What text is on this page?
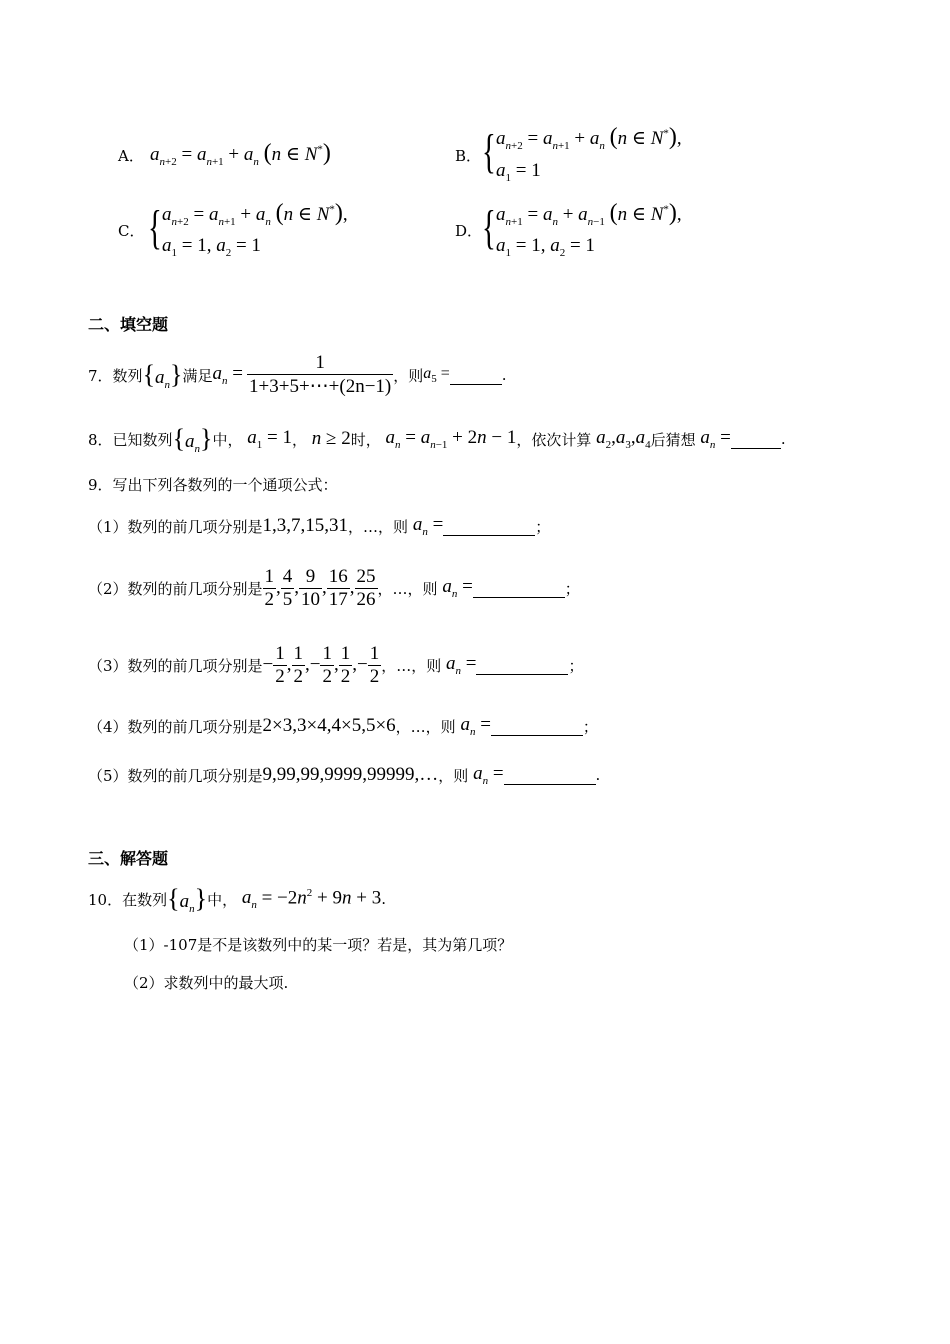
A． $a_{n+2} = a_{n+1} + a_n$ (n ∈ N*)	B． { $a_{n+2} = a_{n+1} + a_n$ (n ∈ N*),
$a_1 = 1$
C． { $a_{n+2} = a_{n+1} + a_n$ (n ∈ N*),
$a_1 = 1$, $a_2 = 1$
D． { $a_{n+1} = a_n + a_{n-1}$ (n ∈ N*),
$a_1 = 1$, $a_2 = 1$
二、填空题
7． 数列 $\{a_n\}$ 满足 $a_n = \frac{1}{1+3+5+\cdots+(2n-1)}$ ，则 $a_5$ =	.
8． 已知数列 $\{a_n\}$ 中， $a_1 = 1$ ， n ≥ 2 时， $a_n = a_{n-1} + 2n - 1$ ，依次计算 $a_2,a_3,a_4$ 后猜想 $a_n$ =	.
9．写出下列各数列的一个通项公式：
（1）数列的前几项分别是 1,3,7,15,31 ，…，则 $a_n$ =	；
（2）数列的前几项分别是 $\frac{1}{2}$ , $\frac{4}{5}$ , $\frac{9}{10}$ , $\frac{16}{17}$ , $\frac{25}{26}$ ，…，则 $a_n$ =	；
（3）数列的前几项分别是 − $\frac{1}{2}$ , $\frac{1}{2}$ ,− $\frac{1}{2}$ , $\frac{1}{2}$ ,− $\frac{1}{2}$ ，…，则 $a_n$ =	；
（4）数列的前几项分别是 2×3,3×4,4×5,5×6 ，…，则 $a_n$ =	；
（5）数列的前几项分别是 9,99,99,9999,99999,… ，则 $a_n$ =	.
三、解答题
10． 在数列 $\{a_n\}$ 中， $a_n = -2n^2 + 9n + 3$ .
（1）-107是不是该数列中的某一项？若是，其为第几项？
（2）求数列中的最大项.
